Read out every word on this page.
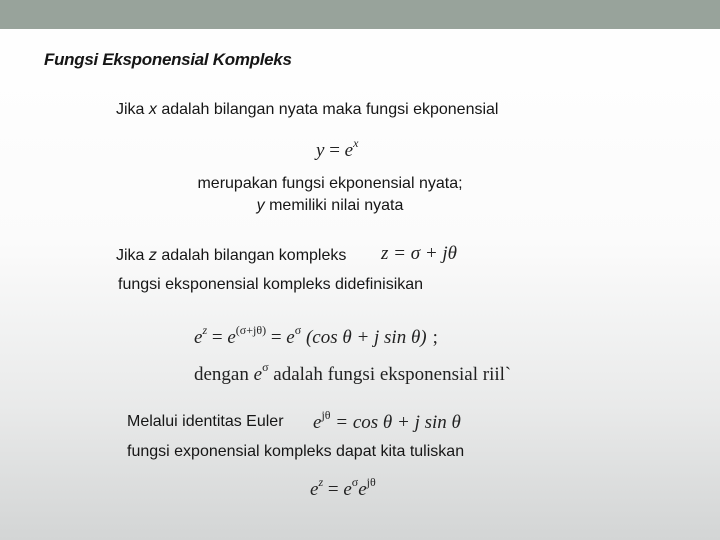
Fungsi Eksponensial Kompleks
Jika x adalah bilangan nyata maka fungsi ekponensial
$y = e^x$
merupakan fungsi ekponensial nyata;
y memiliki nilai nyata
Jika z adalah bilangan kompleks z = σ + jθ
fungsi eksponensial kompleks didefinisikan
$e^z = e^{(\sigma+j\theta)} = e^\sigma$ (cos θ + j sin θ) ;
dengan $e^\sigma$ adalah fungsi eksponensial riil`
Melalui identitas Euler $e^{j\theta} = \cos \theta + j$ sin θ
fungsi exponensial kompleks dapat kita tuliskan
$e^z = e^\sigma e^{j\theta}$
